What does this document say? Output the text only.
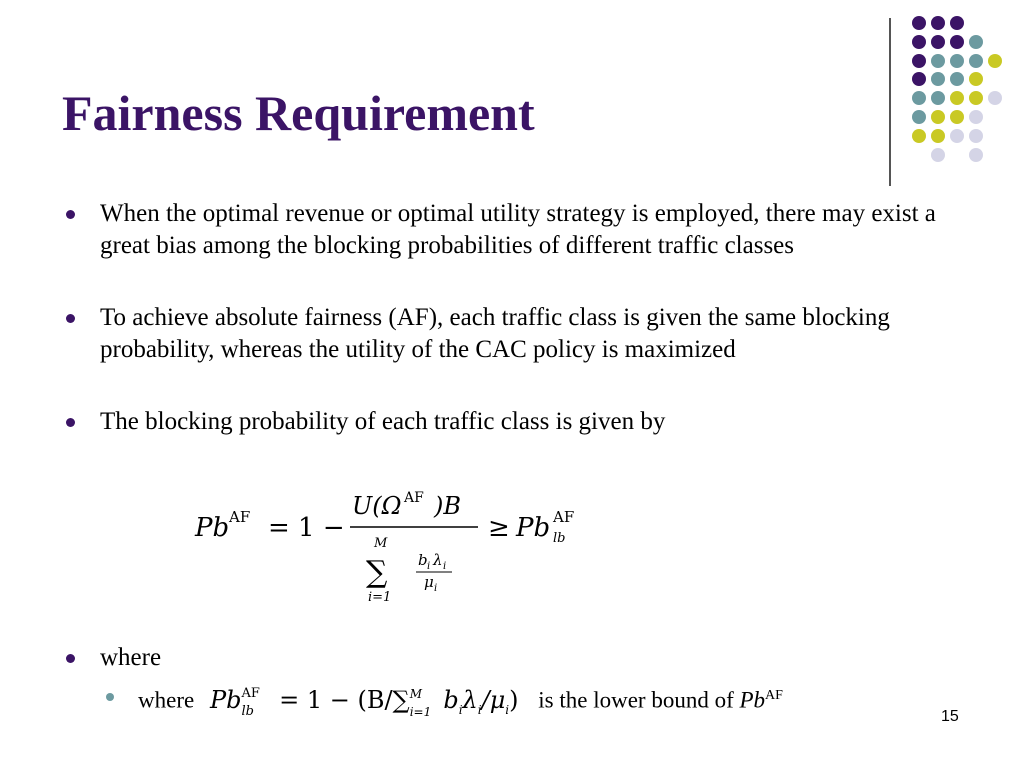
Fairness Requirement
When the optimal revenue or optimal utility strategy is employed, there may exist a great bias among the blocking probabilities of different traffic classes
To achieve absolute fairness (AF), each traffic class is given the same blocking probability, whereas the utility of the CAC policy is maximized
The blocking probability of each traffic class is given by
where
Pb AF = 1 −
U(Ω AF )B
M
∑
i=1
b i λ i
μ i
≥ Pb AF
lb
where Pb AF
lb = 1 − (B/∑ M
i=1 $b_i\lambda_i/\mu_i$) is the lower bound of $Pb^{AF}$
15
